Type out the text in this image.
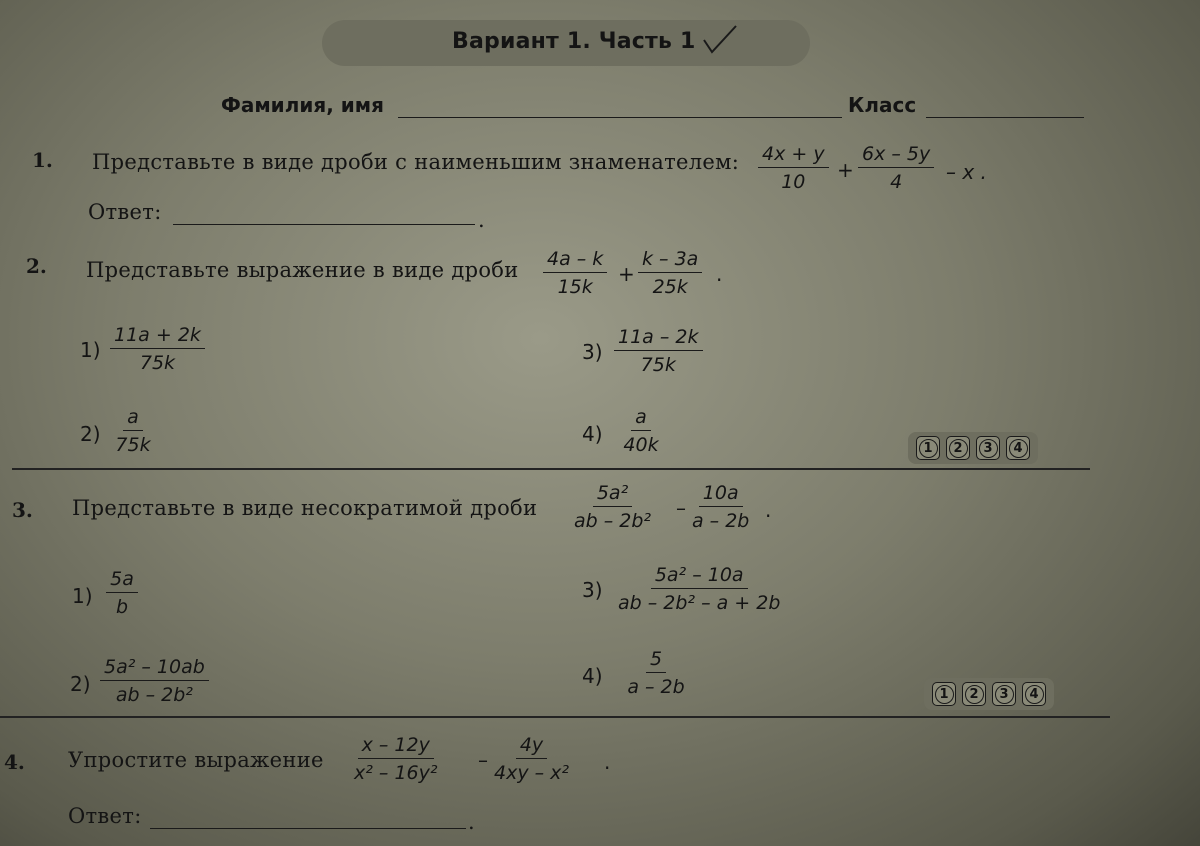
Вариант 1. Часть 1
Фамилия, имя	Класс
1. Представьте в виде дроби с наименьшим знаменателем: $\frac{4x + y}{10} + \frac{6x - 5y}{4} - x$ .
Ответ:	.
2. Представьте выражение в виде дроби $\frac{4a - k}{15k} + \frac{k - 3a}{25k}$ .
$1) \frac{11a + 2k}{75k}$
$2) \frac{a}{75k}$
$3) \frac{11a - 2k}{75k}$
$4) \frac{a}{40k}$	1	2	3	4
3. Представьте в виде несократимой дроби $\frac{\text{5a²}}{\text{ab – 2b²}} - \frac{10a}{a - 2b}$ .
$1) \frac{5a}{b}$
$2) \frac{\text{5a² – 10ab}}{\text{ab – 2b²}}$
$3) \frac{\text{5a² – 10a}}{\text{ab – 2b² – a + 2b}}$
$4) \frac{5}{a - 2b}$	1	2	3	4
4. Упростите выражение $\frac{x - 12y}{\text{x² – 16y²}} - \frac{4y}{\text{4xy – x²}}$ .
Ответ:	.
